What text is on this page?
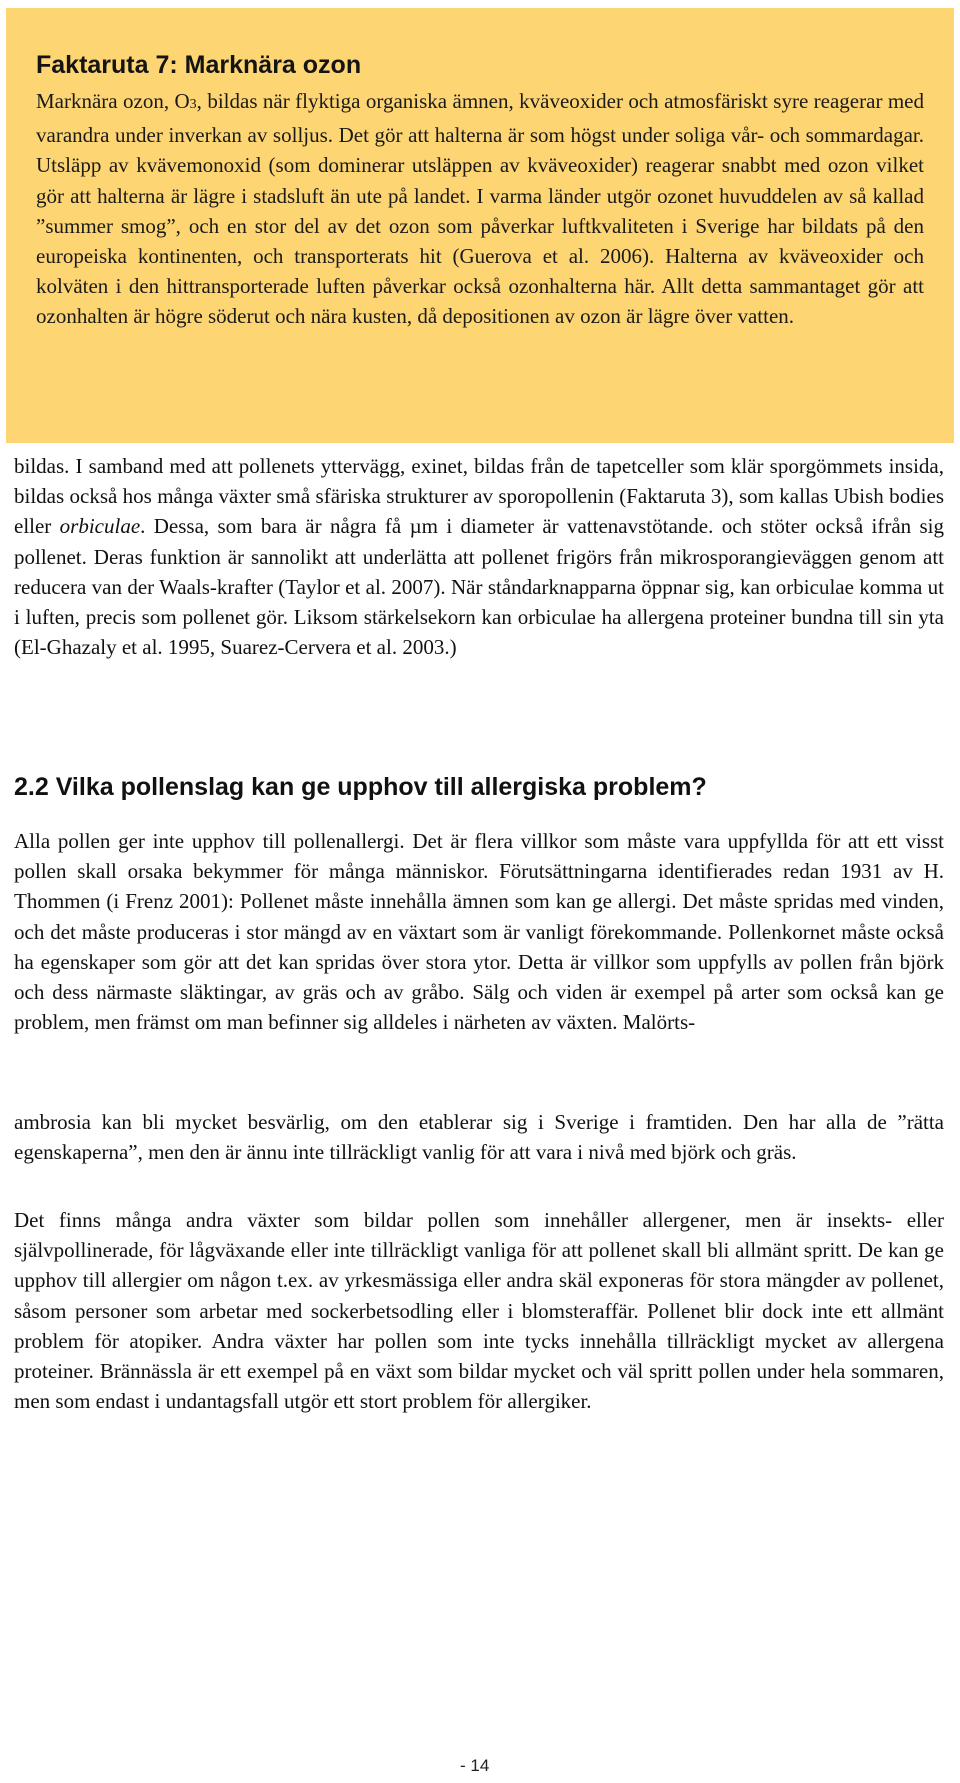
Faktaruta 7: Marknära ozon

Marknära ozon, O3, bildas när flyktiga organiska ämnen, kväveoxider och atmosfäriskt syre reagerar med varandra under inverkan av solljus. Det gör att halterna är som högst under soliga vår- och sommardagar. Utsläpp av kvävemonoxid (som dominerar utsläppen av kväveoxider) reagerar snabbt med ozon vilket gör att halterna är lägre i stadsluft än ute på landet. I varma länder utgör ozonet huvuddelen av så kallad ”summer smog”, och en stor del av det ozon som påverkar luftkvaliteten i Sverige har bildats på den europeiska kontinenten, och transporterats hit (Guerova et al. 2006). Halterna av kväveoxider och kolväten i den hittransporterade luften påverkar också ozonhalterna här. Allt detta sammantaget gör att ozonhalten är högre söderut och nära kusten, då depositionen av ozon är lägre över vatten.

bildas. I samband med att pollenets yttervägg, exinet, bildas från de tapetceller som klär sporgömmets insida, bildas också hos många växter små sfäriska strukturer av sporopollenin (Faktaruta 3), som kallas Ubish bodies eller orbiculae. Dessa, som bara är några få µm i diameter är vattenavstötande. och stöter också ifrån sig pollenet. Deras funktion är sannolikt att underlätta att pollenet frigörs från mikrosporangieväggen genom att reducera van der Waals-krafter (Taylor et al. 2007). När ståndarknapparna öppnar sig, kan orbiculae komma ut i luften, precis som pollenet gör. Liksom stärkelsekorn kan orbiculae ha allergena proteiner bundna till sin yta (El-Ghazaly et al. 1995, Suarez-Cervera et al. 2003.)

2.2 Vilka pollenslag kan ge upphov till allergiska problem?

Alla pollen ger inte upphov till pollenallergi. Det är flera villkor som måste vara uppfyllda för att ett visst pollen skall orsaka bekymmer för många människor. Förutsättningarna identifierades redan 1931 av H. Thommen (i Frenz 2001): Pollenet måste innehålla ämnen som kan ge allergi. Det måste spridas med vinden, och det måste produceras i stor mängd av en växtart som är vanligt förekommande. Pollenkornet måste också ha egenskaper som gör att det kan spridas över stora ytor. Detta är villkor som uppfylls av pollen från björk och dess närmaste släktingar, av gräs och av gråbo. Sälg och viden är exempel på arter som också kan ge problem, men främst om man befinner sig alldeles i närheten av växten. Malörts-

ambrosia kan bli mycket besvärlig, om den etablerar sig i Sverige i framtiden. Den har alla de ”rätta egenskaperna”, men den är ännu inte tillräckligt vanlig för att vara i nivå med björk och gräs.

Det finns många andra växter som bildar pollen som innehåller allergener, men är insekts- eller självpollinerade, för lågväxande eller inte tillräckligt vanliga för att pollenet skall bli allmänt spritt. De kan ge upphov till allergier om någon t.ex. av yrkesmässiga eller andra skäl exponeras för stora mängder av pollenet, såsom personer som arbetar med sockerbetsodling eller i blomsteraffär. Pollenet blir dock inte ett allmänt problem för atopiker. Andra växter har pollen som inte tycks innehålla tillräckligt mycket av allergena proteiner. Brännässla är ett exempel på en växt som bildar mycket och väl spritt pollen under hela sommaren, men som endast i undantagsfall utgör ett stort problem för allergiker.

- 14
